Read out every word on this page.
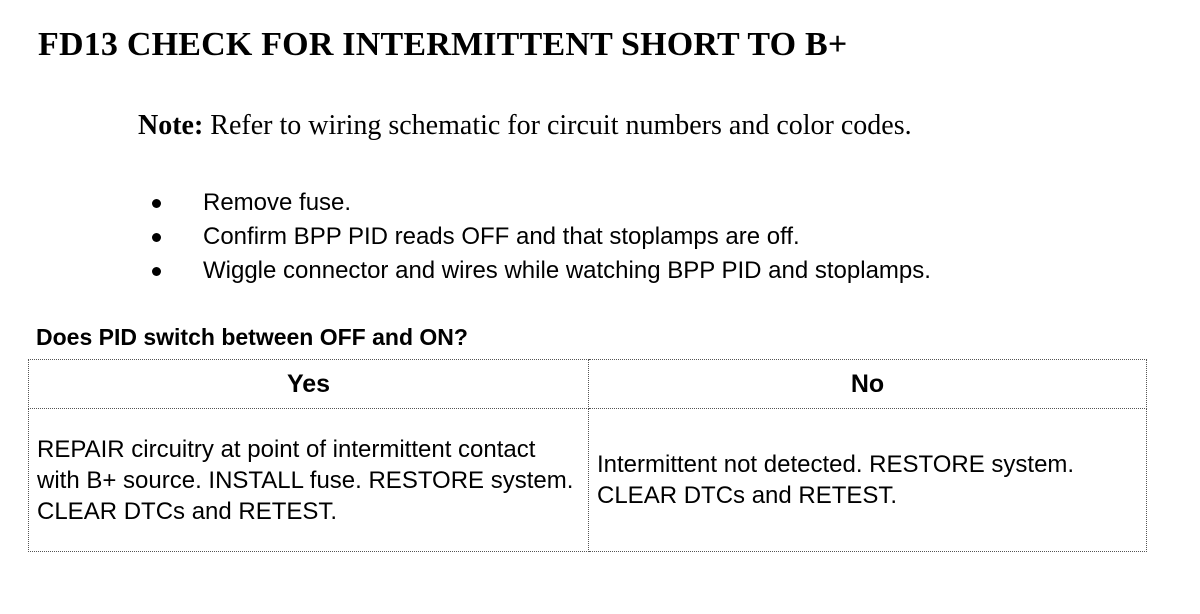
FD13 CHECK FOR INTERMITTENT SHORT TO B+
Note: Refer to wiring schematic for circuit numbers and color codes.
Remove fuse.
Confirm BPP PID reads OFF and that stoplamps are off.
Wiggle connector and wires while watching BPP PID and stoplamps.
Does PID switch between OFF and ON?
Yes	No
REPAIR circuitry at point of intermittent contact with B+ source. INSTALL fuse. RESTORE system. CLEAR DTCs and RETEST.	Intermittent not detected. RESTORE system. CLEAR DTCs and RETEST.
